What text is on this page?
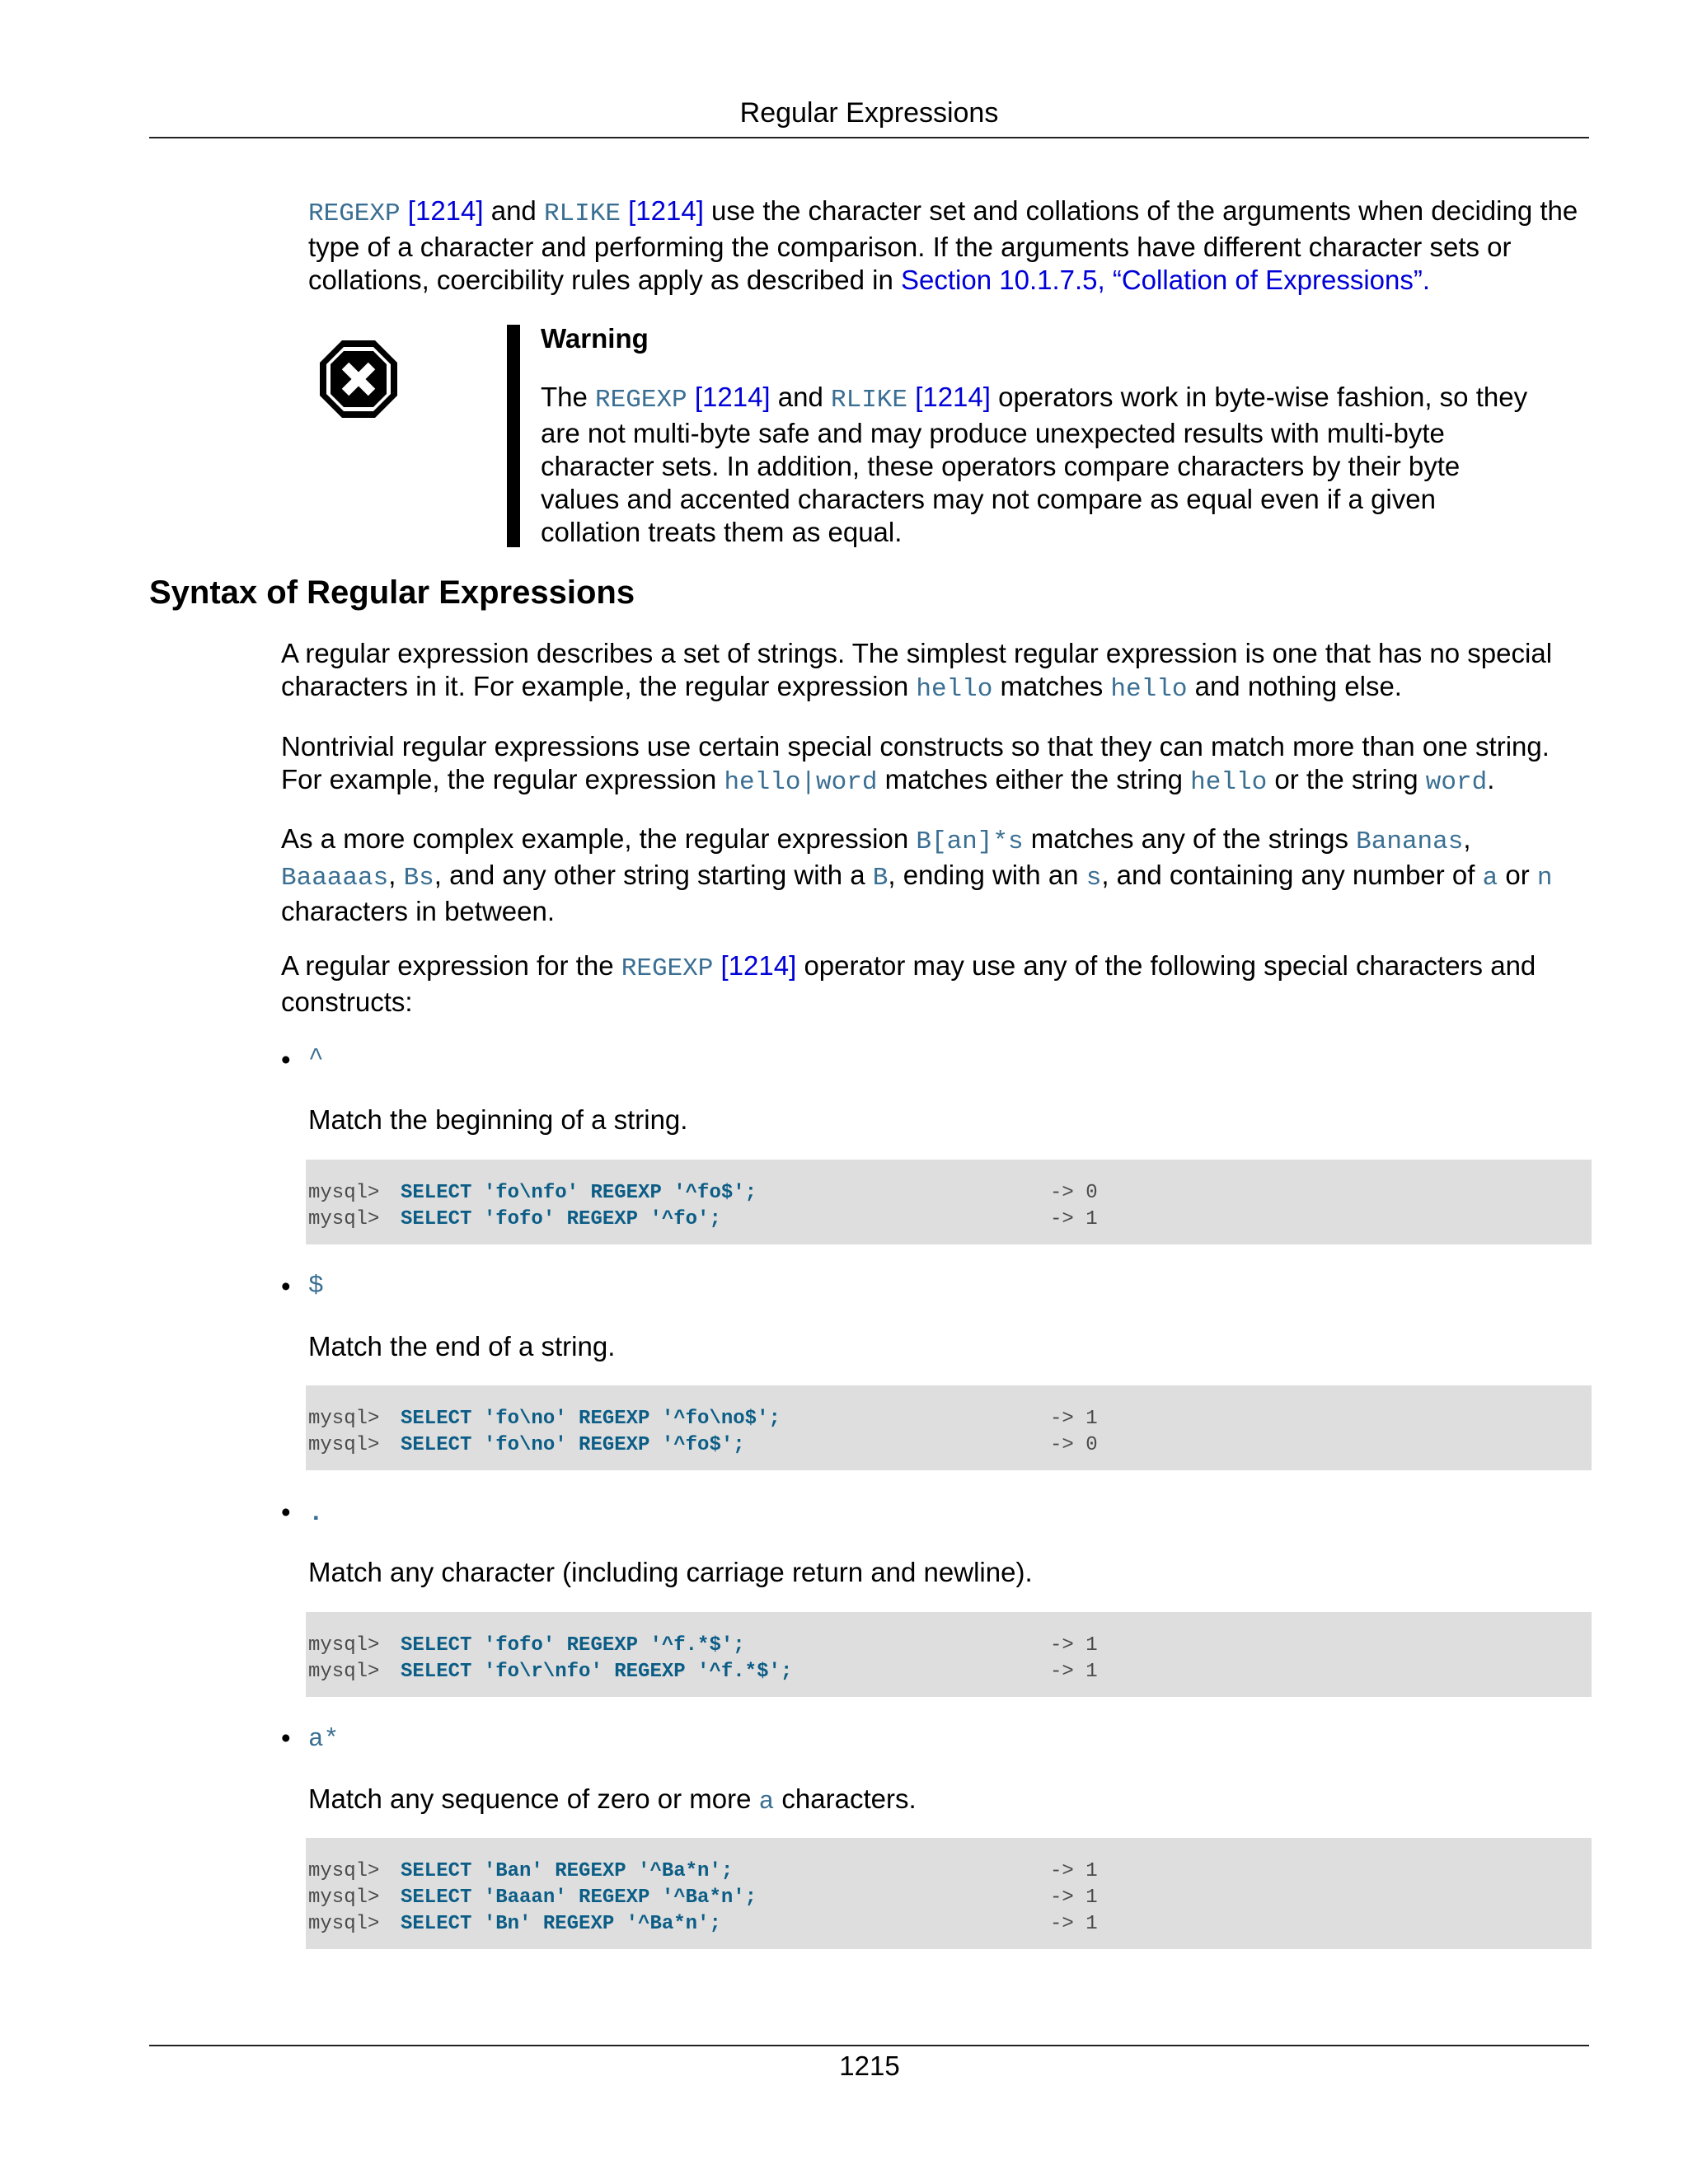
Regular Expressions

REGEXP [1214] and RLIKE [1214] use the character set and collations of the arguments when deciding the type of a character and performing the comparison. If the arguments have different character sets or collations, coercibility rules apply as described in Section 10.1.7.5, “Collation of Expressions”.

Warning

The REGEXP [1214] and RLIKE [1214] operators work in byte-wise fashion, so they are not multi-byte safe and may produce unexpected results with multi-byte character sets. In addition, these operators compare characters by their byte values and accented characters may not compare as equal even if a given collation treats them as equal.

Syntax of Regular Expressions

A regular expression describes a set of strings. The simplest regular expression is one that has no special characters in it. For example, the regular expression hello matches hello and nothing else.

Nontrivial regular expressions use certain special constructs so that they can match more than one string. For example, the regular expression hello|word matches either the string hello or the string word.

As a more complex example, the regular expression B[an]*s matches any of the strings Bananas, Baaaaas, Bs, and any other string starting with a B, ending with an s, and containing any number of a or n characters in between.

A regular expression for the REGEXP [1214] operator may use any of the following special characters and constructs:

• ^

Match the beginning of a string.

mysql> SELECT 'fo\nfo' REGEXP '^fo$';	-> 0
mysql> SELECT 'fofo' REGEXP '^fo';	-> 1
• $

Match the end of a string.

mysql> SELECT 'fo\no' REGEXP '^fo\no$';	-> 1
mysql> SELECT 'fo\no' REGEXP '^fo$';	-> 0
• .

Match any character (including carriage return and newline).

mysql> SELECT 'fofo' REGEXP '^f.*$';	-> 1
mysql> SELECT 'fo\r\nfo' REGEXP '^f.*$';	-> 1
• a*

Match any sequence of zero or more a characters.

mysql> SELECT 'Ban' REGEXP '^Ba*n';	-> 1
mysql> SELECT 'Baaan' REGEXP '^Ba*n';	-> 1
mysql> SELECT 'Bn' REGEXP '^Ba*n';	-> 1
1215
